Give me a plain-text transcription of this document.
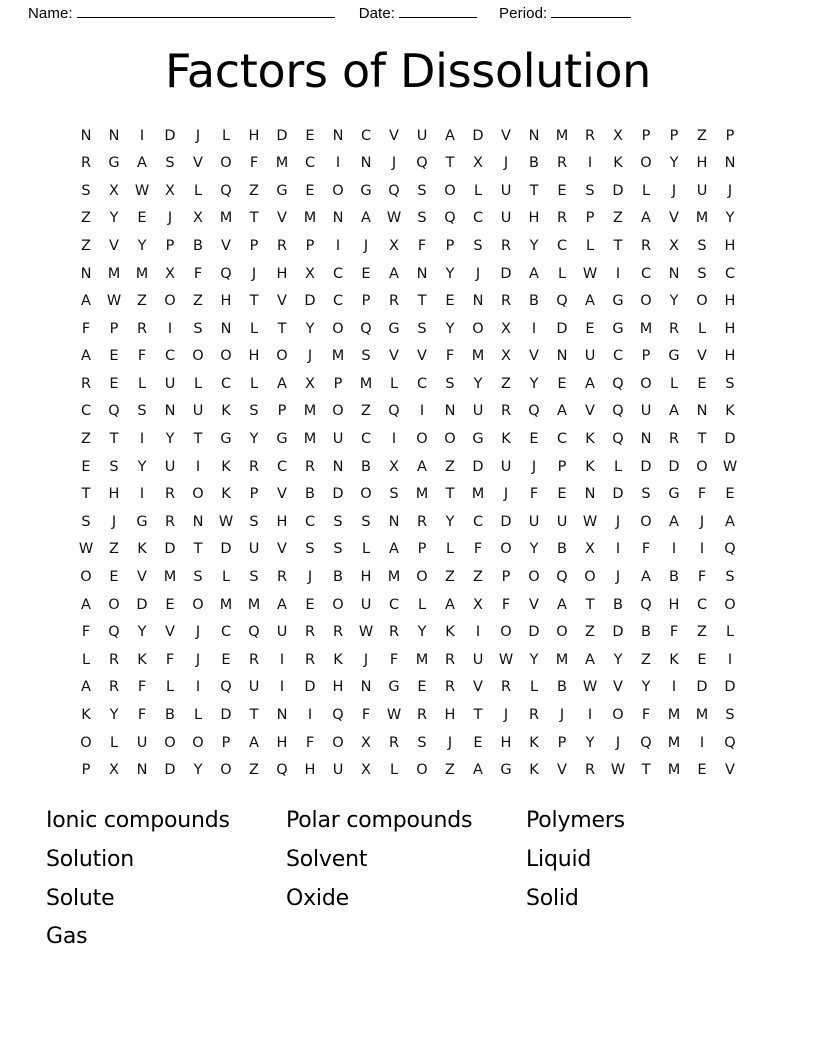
Name:	Date:	Period:
Factors of Dissolution
N	N	I	D	J	L	H	D	E	N	C	V	U	A	D	V	N	M	R	X	P	P	Z	P
R	G	A	S	V	O	F	M	C	I	N	J	Q	T	X	J	B	R	I	K	O	Y	H	N
S	X	W	X	L	Q	Z	G	E	O	G	Q	S	O	L	U	T	E	S	D	L	J	U	J
Z	Y	E	J	X	M	T	V	M	N	A	W	S	Q	C	U	H	R	P	Z	A	V	M	Y
Z	V	Y	P	B	V	P	R	P	I	J	X	F	P	S	R	Y	C	L	T	R	X	S	H
N	M	M	X	F	Q	J	H	X	C	E	A	N	Y	J	D	A	L	W	I	C	N	S	C
A	W	Z	O	Z	H	T	V	D	C	P	R	T	E	N	R	B	Q	A	G	O	Y	O	H
F	P	R	I	S	N	L	T	Y	O	Q	G	S	Y	O	X	I	D	E	G	M	R	L	H
A	E	F	C	O	O	H	O	J	M	S	V	V	F	M	X	V	N	U	C	P	G	V	H
R	E	L	U	L	C	L	A	X	P	M	L	C	S	Y	Z	Y	E	A	Q	O	L	E	S
C	Q	S	N	U	K	S	P	M	O	Z	Q	I	N	U	R	Q	A	V	Q	U	A	N	K
Z	T	I	Y	T	G	Y	G	M	U	C	I	O	O	G	K	E	C	K	Q	N	R	T	D
E	S	Y	U	I	K	R	C	R	N	B	X	A	Z	D	U	J	P	K	L	D	D	O	W
T	H	I	R	O	K	P	V	B	D	O	S	M	T	M	J	F	E	N	D	S	G	F	E
S	J	G	R	N	W	S	H	C	S	S	N	R	Y	C	D	U	U	W	J	O	A	J	A
W	Z	K	D	T	D	U	V	S	S	L	A	P	L	F	O	Y	B	X	I	F	I	I	Q
O	E	V	M	S	L	S	R	J	B	H	M	O	Z	Z	P	O	Q	O	J	A	B	F	S
A	O	D	E	O	M	M	A	E	O	U	C	L	A	X	F	V	A	T	B	Q	H	C	O
F	Q	Y	V	J	C	Q	U	R	R	W	R	Y	K	I	O	D	O	Z	D	B	F	Z	L
L	R	K	F	J	E	R	I	R	K	J	F	M	R	U	W	Y	M	A	Y	Z	K	E	I
A	R	F	L	I	Q	U	I	D	H	N	G	E	R	V	R	L	B	W	V	Y	I	D	D
K	Y	F	B	L	D	T	N	I	Q	F	W	R	H	T	J	R	J	I	O	F	M	M	S
O	L	U	O	O	P	A	H	F	O	X	R	S	J	E	H	K	P	Y	J	Q	M	I	Q
P	X	N	D	Y	O	Z	Q	H	U	X	L	O	Z	A	G	K	V	R	W	T	M	E	V
Ionic compounds	Polar compounds	Polymers
Solution	Solvent	Liquid
Solute	Oxide	Solid
Gas
